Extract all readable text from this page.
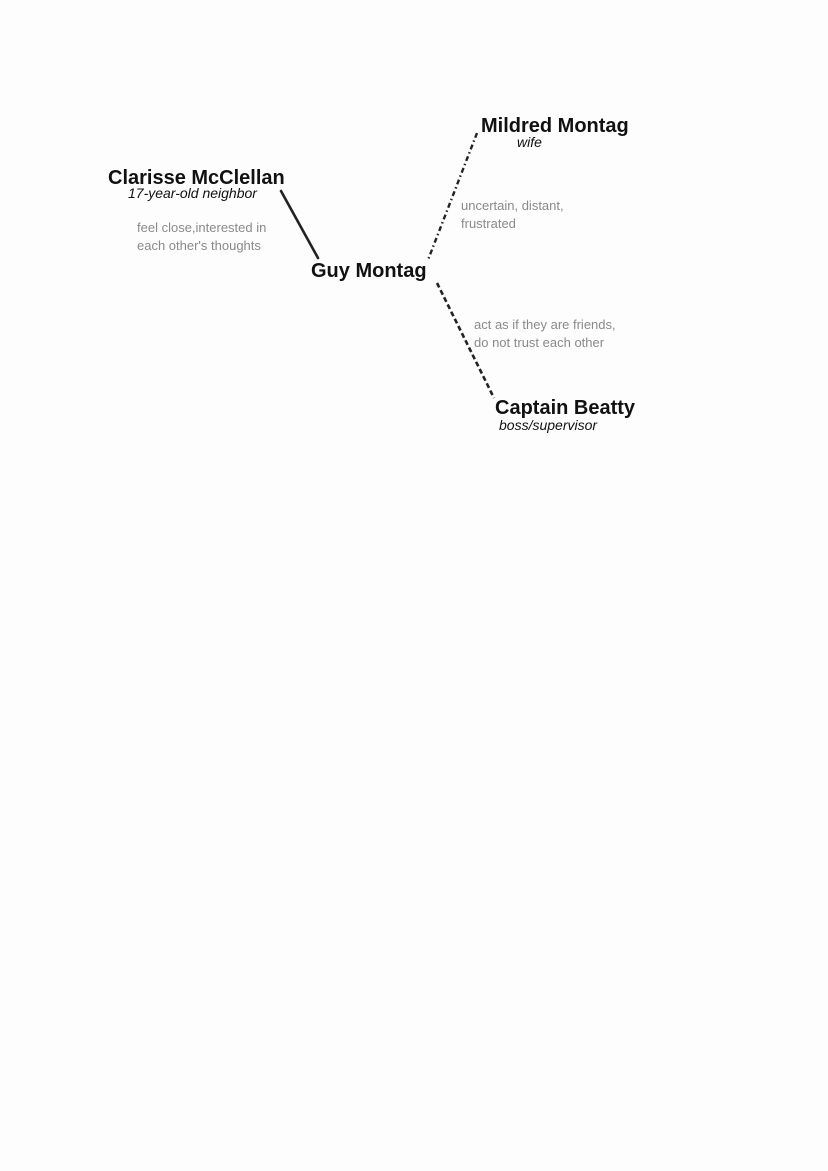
Clarisse McClellan
17-year-old neighbor
Guy Montag
Mildred Montag
wife
Captain Beatty
boss/supervisor
feel close,interested in
each other's thoughts
uncertain, distant,
frustrated
act as if they are friends,
do not trust each other
